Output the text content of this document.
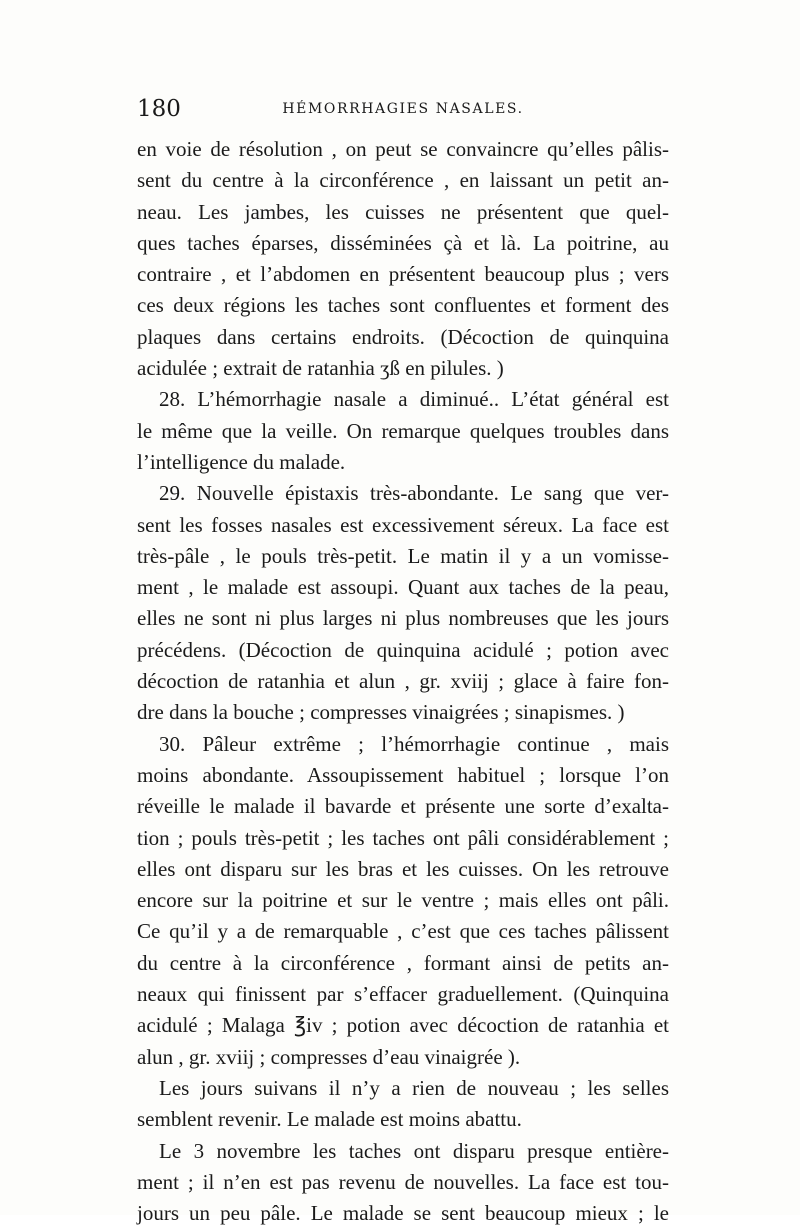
180	HÉMORRHAGIES NASALES.
en voie de résolution , on peut se convaincre qu’elles pâlis-
sent du centre à la circonférence , en laissant un petit an-
neau. Les jambes, les cuisses ne présentent que quel-
ques taches éparses, disséminées çà et là. La poitrine, au
contraire , et l’abdomen en présentent beaucoup plus ; vers
ces deux régions les taches sont confluentes et forment des
plaques dans certains endroits. (Décoction de quinquina
acidulée ; extrait de ratanhia ʒß en pilules. )
28. L’hémorrhagie nasale a diminué.. L’état général est
le même que la veille. On remarque quelques troubles dans
l’intelligence du malade.
29. Nouvelle épistaxis très-abondante. Le sang que ver-
sent les fosses nasales est excessivement séreux. La face est
très-pâle , le pouls très-petit. Le matin il y a un vomisse-
ment , le malade est assoupi. Quant aux taches de la peau,
elles ne sont ni plus larges ni plus nombreuses que les jours
précédens. (Décoction de quinquina acidulé ; potion avec
décoction de ratanhia et alun , gr. xviij ; glace à faire fon-
dre dans la bouche ; compresses vinaigrées ; sinapismes. )
30. Pâleur extrême ; l’hémorrhagie continue , mais
moins abondante. Assoupissement habituel ; lorsque l’on
réveille le malade il bavarde et présente une sorte d’exalta-
tion ; pouls très-petit ; les taches ont pâli considérablement ;
elles ont disparu sur les bras et les cuisses. On les retrouve
encore sur la poitrine et sur le ventre ; mais elles ont pâli.
Ce qu’il y a de remarquable , c’est que ces taches pâlissent
du centre à la circonférence , formant ainsi de petits an-
neaux qui finissent par s’effacer graduellement. (Quinquina
acidulé ; Malaga ℥iv ; potion avec décoction de ratanhia et
alun , gr. xviij ; compresses d’eau vinaigrée ).
Les jours suivans il n’y a rien de nouveau ; les selles
semblent revenir. Le malade est moins abattu.
Le 3 novembre les taches ont disparu presque entière-
ment ; il n’en est pas revenu de nouvelles. La face est tou-
jours un peu pâle. Le malade se sent beaucoup mieux ; le
